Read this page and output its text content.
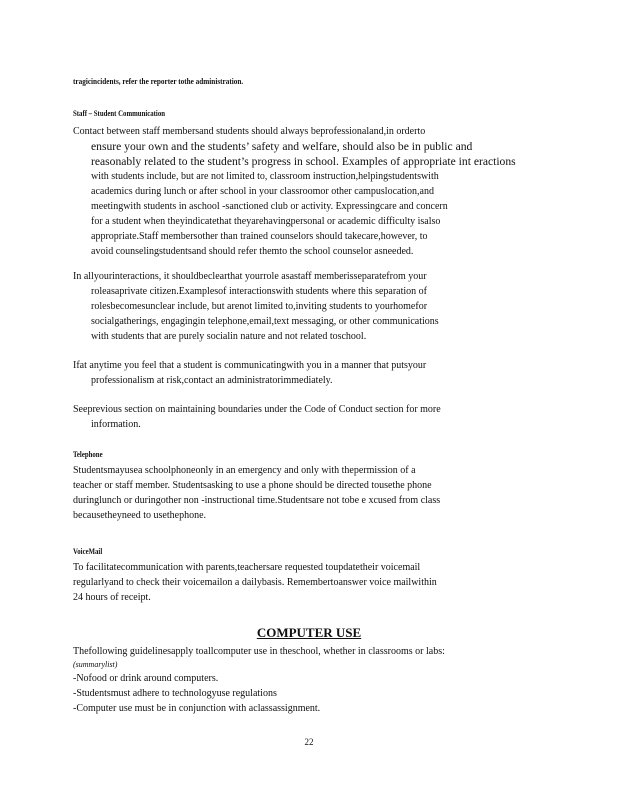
tragicincidents, refer the reporter tothe administration.
Staff – Student Communication
Contact between staff membersand students should always beprofessionaland,in orderto
ensure your own and the students’ safety and welfare, should also be in public and
reasonably related to the student’s progress in school. Examples of appropriate int eractions
with students include, but are not limited to, classroom instruction,helpingstudentswith
academics during lunch or after school in your classroomor other campuslocation,and
meetingwith students in aschool -sanctioned club or activity. Expressingcare and concern
for a student when theyindicatethat theyarehavingpersonal or academic difficulty isalso
appropriate.Staff membersother than trained counselors should takecare,however, to
avoid counselingstudentsand should refer themto the school counselor asneeded.
In allyourinteractions, it shouldbeclearthat yourrole asastaff memberisseparatefrom your
roleasaprivate citizen.Examplesof interactionswith students where this separation of
rolesbecomesunclear include, but arenot limited to,inviting students to yourhomefor
socialgatherings, engagingin telephone,email,text messaging, or other communications
with students that are purely socialin nature and not related toschool.
Ifat anytime you feel that a student is communicatingwith you in a manner that putsyour
professionalism at risk,contact an administratorimmediately.
Seeprevious section on maintaining boundaries under the Code of Conduct section for more
information.
Telephone
Studentsmayusea schoolphoneonly in an emergency and only with thepermission of a
teacher or staff member. Studentsasking to use a phone should be directed tousethe phone
duringlunch or duringother non -instructional time.Studentsare not tobe e xcused from class
becausetheyneed to usethephone.
VoiceMail
To facilitatecommunication with parents,teachersare requested toupdatetheir voicemail
regularlyand to check their voicemailon a dailybasis. Remembertoanswer voice mailwithin
24 hours of receipt.
COMPUTER USE
Thefollowing guidelinesapply toallcomputer use in theschool, whether in classrooms or labs:
(summarylist)
-Nofood or drink around computers.
-Studentsmust adhere to technologyuse regulations
-Computer use must be in conjunction with aclassassignment.
22
